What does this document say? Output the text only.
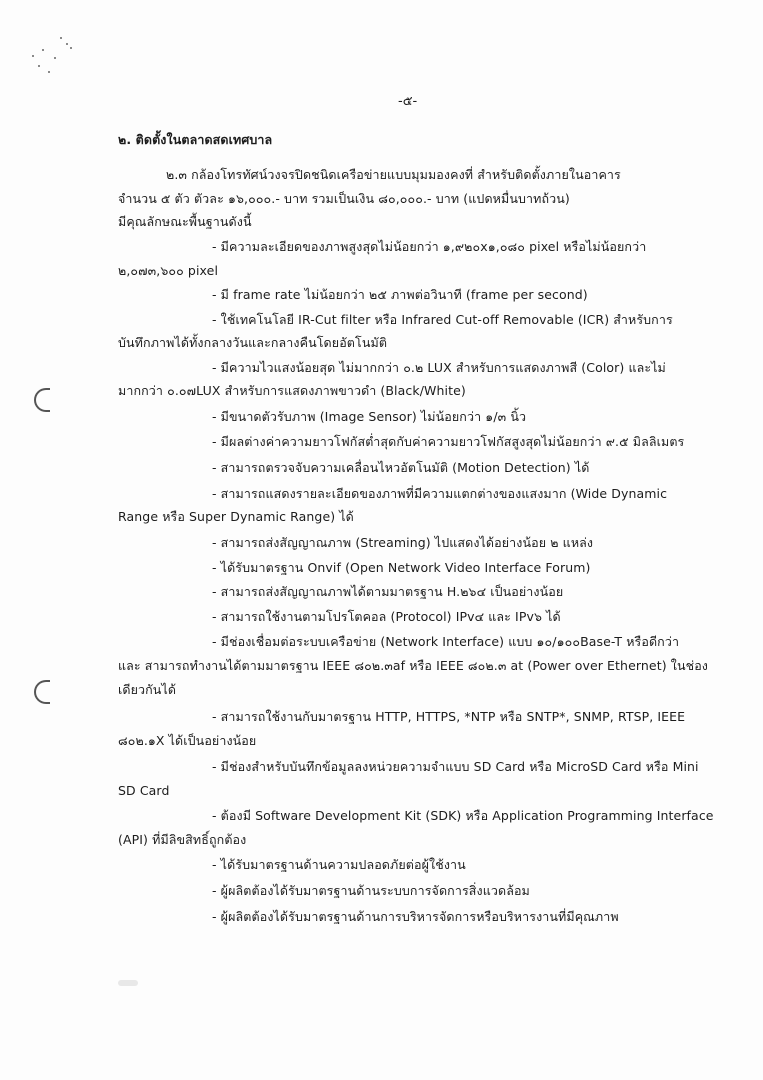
-๕-
๒. ติดตั้งในตลาดสดเทศบาล
๒.๓ กล้องโทรทัศน์วงจรปิดชนิดเครือข่ายแบบมุมมองคงที่ สำหรับติดตั้งภายในอาคาร
จำนวน ๕ ตัว ตัวละ ๑๖,๐๐๐.- บาท รวมเป็นเงิน ๘๐,๐๐๐.- บาท (แปดหมื่นบาทถ้วน)
มีคุณลักษณะพื้นฐานดังนี้
- มีความละเอียดของภาพสูงสุดไม่น้อยกว่า ๑,๙๒๐x๑,๐๘๐ pixel หรือไม่น้อยกว่า
๒,๐๗๓,๖๐๐ pixel
- มี frame rate ไม่น้อยกว่า ๒๕ ภาพต่อวินาที (frame per second)
- ใช้เทคโนโลยี IR-Cut filter หรือ Infrared Cut-off Removable (ICR) สำหรับการ
บันทึกภาพได้ทั้งกลางวันและกลางคืนโดยอัตโนมัติ
- มีความไวแสงน้อยสุด ไม่มากกว่า ๐.๒ LUX สำหรับการแสดงภาพสี (Color) และไม่
มากกว่า ๐.๐๗LUX สำหรับการแสดงภาพขาวดำ (Black/White)
- มีขนาดตัวรับภาพ (Image Sensor) ไม่น้อยกว่า ๑/๓ นิ้ว
- มีผลต่างค่าความยาวโฟกัสต่ำสุดกับค่าความยาวโฟกัสสูงสุดไม่น้อยกว่า ๙.๕ มิลลิเมตร
- สามารถตรวจจับความเคลื่อนไหวอัตโนมัติ (Motion Detection) ได้
- สามารถแสดงรายละเอียดของภาพที่มีความแตกต่างของแสงมาก (Wide Dynamic
Range หรือ Super Dynamic Range) ได้
- สามารถส่งสัญญาณภาพ (Streaming) ไปแสดงได้อย่างน้อย ๒ แหล่ง
- ได้รับมาตรฐาน Onvif (Open Network Video Interface Forum)
- สามารถส่งสัญญาณภาพได้ตามมาตรฐาน H.๒๖๔ เป็นอย่างน้อย
- สามารถใช้งานตามโปรโตคอล (Protocol) IPv๔ และ IPv๖ ได้
- มีช่องเชื่อมต่อระบบเครือข่าย (Network Interface) แบบ ๑๐/๑๐๐Base-T หรือดีกว่า
และ สามารถทำงานได้ตามมาตรฐาน IEEE ๘๐๒.๓af หรือ IEEE ๘๐๒.๓ at (Power over Ethernet) ในช่อง
เดียวกันได้
- สามารถใช้งานกับมาตรฐาน HTTP, HTTPS, *NTP หรือ SNTP*, SNMP, RTSP, IEEE
๘๐๒.๑X ได้เป็นอย่างน้อย
- มีช่องสำหรับบันทึกข้อมูลลงหน่วยความจำแบบ SD Card หรือ MicroSD Card หรือ Mini
SD Card
- ต้องมี Software Development Kit (SDK) หรือ Application Programming Interface
(API) ที่มีลิขสิทธิ์ถูกต้อง
- ได้รับมาตรฐานด้านความปลอดภัยต่อผู้ใช้งาน
- ผู้ผลิตต้องได้รับมาตรฐานด้านระบบการจัดการสิ่งแวดล้อม
- ผู้ผลิตต้องได้รับมาตรฐานด้านการบริหารจัดการหรือบริหารงานที่มีคุณภาพ
